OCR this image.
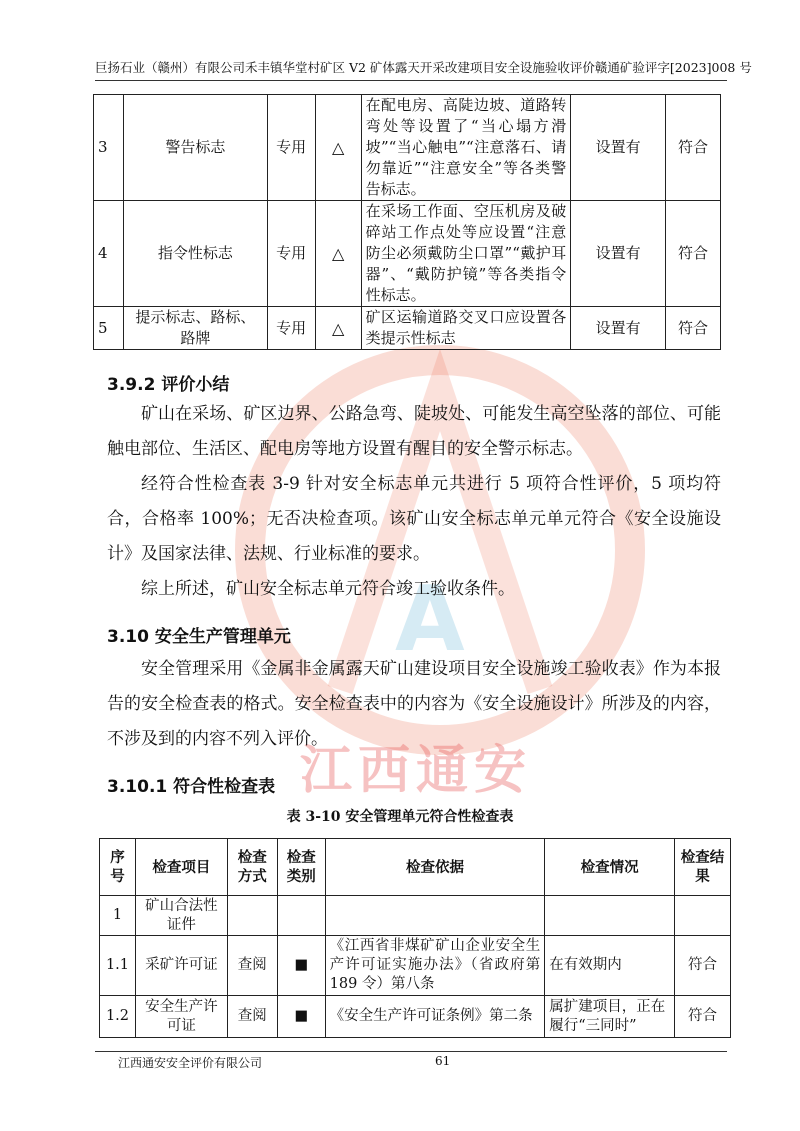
A
江西通安
巨扬石业（赣州）有限公司禾丰镇华堂村矿区 V2 矿体露天开采改建项目安全设施验收评价赣通矿验评字[2023]008 号
3	警告标志	专用	△	在配电房、高陡边坡、道路转弯处等设置了“当心塌方滑坡”“当心触电”“注意落石、请勿靠近”“注意安全”等各类警告标志。	设置有	符合
4	指令性标志	专用	△	在采场工作面、空压机房及破碎站工作点处等应设置“注意防尘必须戴防尘口罩”“戴护耳器”、“戴防护镜”等各类指令性标志。	设置有	符合
5	提示标志、路标、路牌	专用	△	矿区运输道路交叉口应设置各类提示性标志	设置有	符合
3.9.2 评价小结

矿山在采场、矿区边界、公路急弯、陡坡处、可能发生高空坠落的部位、可能触电部位、生活区、配电房等地方设置有醒目的安全警示标志。

经符合性检查表 3-9 针对安全标志单元共进行 5 项符合性评价，5 项均符合，合格率 100%；无否决检查项。该矿山安全标志单元单元符合《安全设施设计》及国家法律、法规、行业标准的要求。

综上所述，矿山安全标志单元符合竣工验收条件。

3.10 安全生产管理单元

安全管理采用《金属非金属露天矿山建设项目安全设施竣工验收表》作为本报告的安全检查表的格式。安全检查表中的内容为《安全设施设计》所涉及的内容，不涉及到的内容不列入评价。

3.10.1 符合性检查表
表 3-10 安全管理单元符合性检查表
序号	检查项目	检查方式	检查类别	检查依据	检查情况	检查结果
1	矿山合法性证件					
1.1	采矿许可证	查阅	■	《江西省非煤矿矿山企业安全生产许可证实施办法》（省政府第 189 令）第八条	在有效期内	符合
1.2	安全生产许可证	查阅	■	《安全生产许可证条例》第二条	属扩建项目，正在履行“三同时”	符合
江西通安安全评价有限公司	61
